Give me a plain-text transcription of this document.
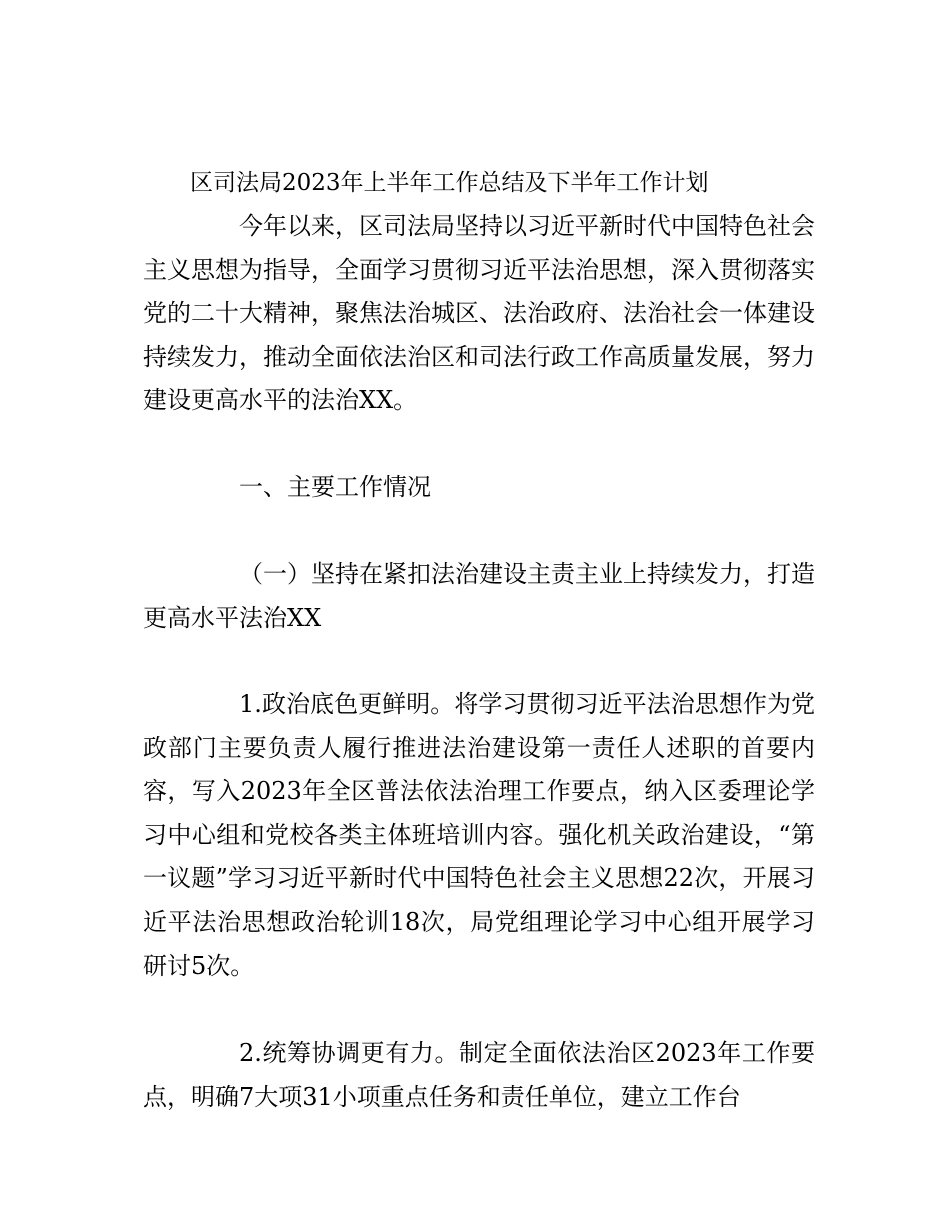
区司法局2023年上半年工作总结及下半年工作计划

今年以来，区司法局坚持以习近平新时代中国特色社会主义思想为指导，全面学习贯彻习近平法治思想，深入贯彻落实党的二十大精神，聚焦法治城区、法治政府、法治社会一体建设持续发力，推动全面依法治区和司法行政工作高质量发展，努力建设更高水平的法治XX。

一、主要工作情况

（一）坚持在紧扣法治建设主责主业上持续发力，打造更高水平法治XX

1.政治底色更鲜明。将学习贯彻习近平法治思想作为党政部门主要负责人履行推进法治建设第一责任人述职的首要内容，写入2023年全区普法依法治理工作要点，纳入区委理论学习中心组和党校各类主体班培训内容。强化机关政治建设，“第一议题”学习习近平新时代中国特色社会主义思想22次，开展习近平法治思想政治轮训18次，局党组理论学习中心组开展学习研讨5次。

2.统筹协调更有力。制定全面依法治区2023年工作要点，明确7大项31小项重点任务和责任单位，建立工作台
